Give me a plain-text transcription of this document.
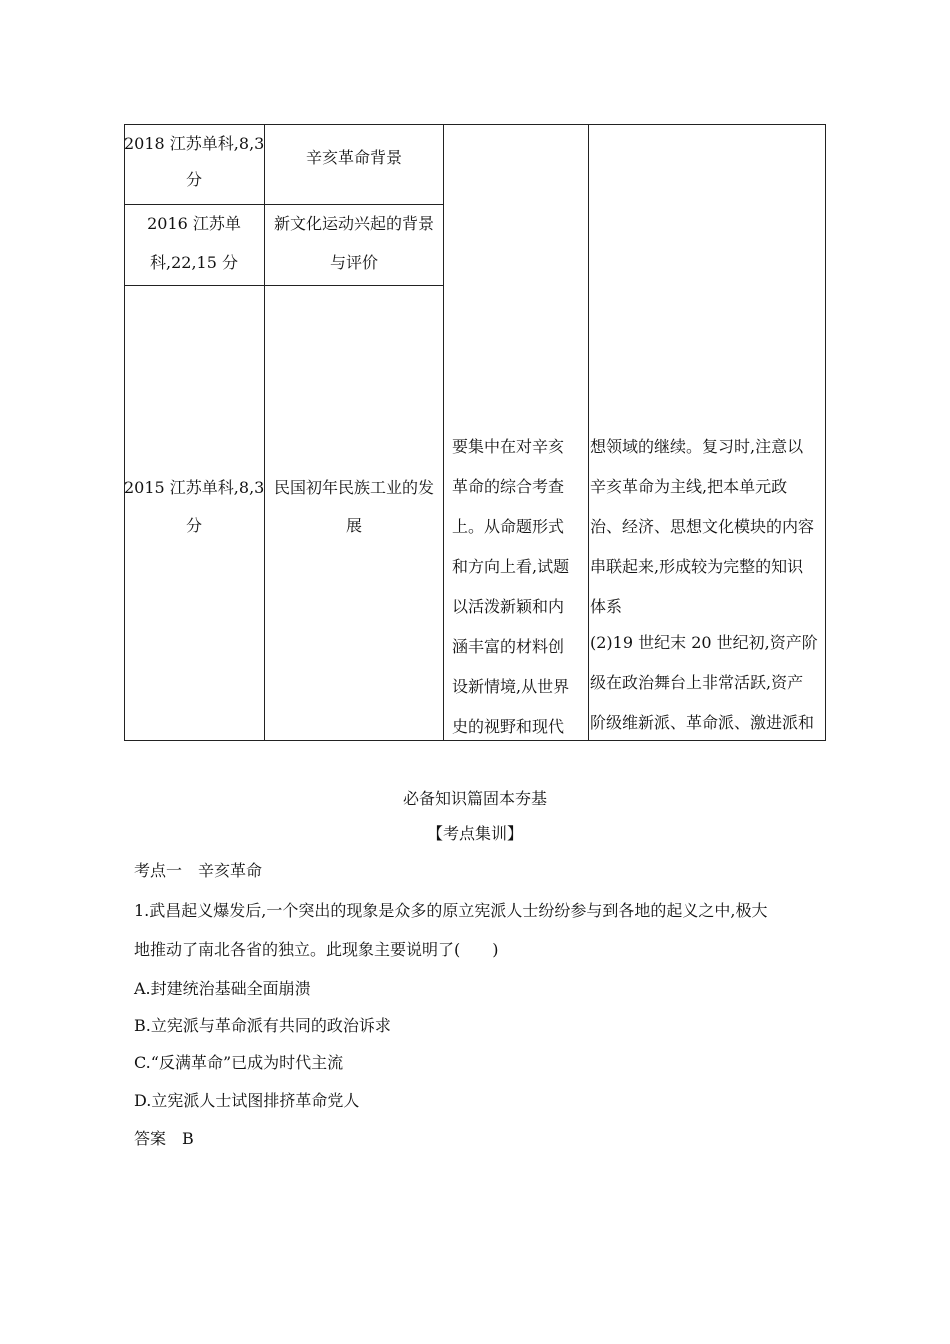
2018 江苏单科,8,3
分
辛亥革命背景
2016 江苏单
科,22,15 分
新文化运动兴起的背景
与评价
2015 江苏单科,8,3
分
民国初年民族工业的发
展
要集中在对辛亥
革命的综合考查
上。从命题形式
和方向上看,试题
以活泼新颖和内
涵丰富的材料创
设新情境,从世界
史的视野和现代
想领域的继续。复习时,注意以
辛亥革命为主线,把本单元政
治、经济、思想文化模块的内容
串联起来,形成较为完整的知识
体系
(2)19 世纪末 20 世纪初,资产阶
级在政治舞台上非常活跃,资产
阶级维新派、革命派、激进派和
必备知识篇固本夯基
【考点集训】
考点一　辛亥革命
1.武昌起义爆发后,一个突出的现象是众多的原立宪派人士纷纷参与到各地的起义之中,极大
地推动了南北各省的独立。此现象主要说明了(　　)
A.封建统治基础全面崩溃
B.立宪派与革命派有共同的政治诉求
C.“反满革命”已成为时代主流
D.立宪派人士试图排挤革命党人
答案　B
